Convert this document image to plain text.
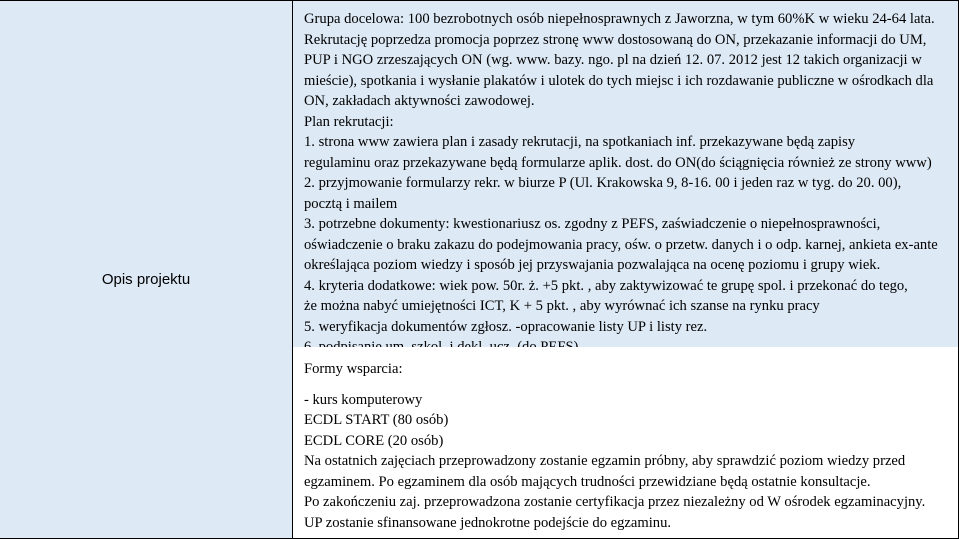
Opis projektu

Grupa docelowa: 100 bezrobotnych osób niepełnosprawnych z Jaworzna, w tym 60%K w wieku 24-64 lata.

Rekrutację poprzedza promocja poprzez stronę www dostosowaną do ON, przekazanie informacji do UM,

PUP i NGO zrzeszających ON (wg. www. bazy. ngo. pl na dzień 12. 07. 2012 jest 12 takich organizacji w

mieście), spotkania i wysłanie plakatów i ulotek do tych miejsc i ich rozdawanie publiczne w ośrodkach dla

ON, zakładach aktywności zawodowej.

Plan rekrutacji:

1. strona www zawiera plan i zasady rekrutacji, na spotkaniach inf. przekazywane będą zapisy

regulaminu oraz przekazywane będą formularze aplik. dost. do ON(do ściągnięcia również ze strony www)

2. przyjmowanie formularzy rekr. w biurze P (Ul. Krakowska 9, 8-16. 00 i jeden raz w tyg. do 20. 00),

pocztą i mailem

3. potrzebne dokumenty: kwestionariusz os. zgodny z PEFS, zaświadczenie o niepełnosprawności,

oświadczenie o braku zakazu do podejmowania pracy, ośw. o przetw. danych i o odp. karnej, ankieta ex-ante

określająca poziom wiedzy i sposób jej przyswajania pozwalająca na ocenę poziomu i grupy wiek.

4. kryteria dodatkowe: wiek pow. 50r. ż. +5 pkt. , aby zaktywizować te grupę spol. i przekonać do tego,

że można nabyć umiejętności ICT, K + 5 pkt. , aby wyrównać ich szanse na rynku pracy

5. weryfikacja dokumentów zgłosz. -opracowanie listy UP i listy rez.

Formy wsparcia:

- kurs komputerowy

ECDL START (80 osób)

ECDL CORE (20 osób)

Na ostatnich zajęciach przeprowadzony zostanie egzamin próbny, aby sprawdzić poziom wiedzy przed

egzaminem. Po egzaminem dla osób mających trudności przewidziane będą ostatnie konsultacje.

Po zakończeniu zaj. przeprowadzona zostanie certyfikacja przez niezależny od W ośrodek egzaminacyjny.

UP zostanie sfinansowane jednokrotne podejście do egzaminu.
